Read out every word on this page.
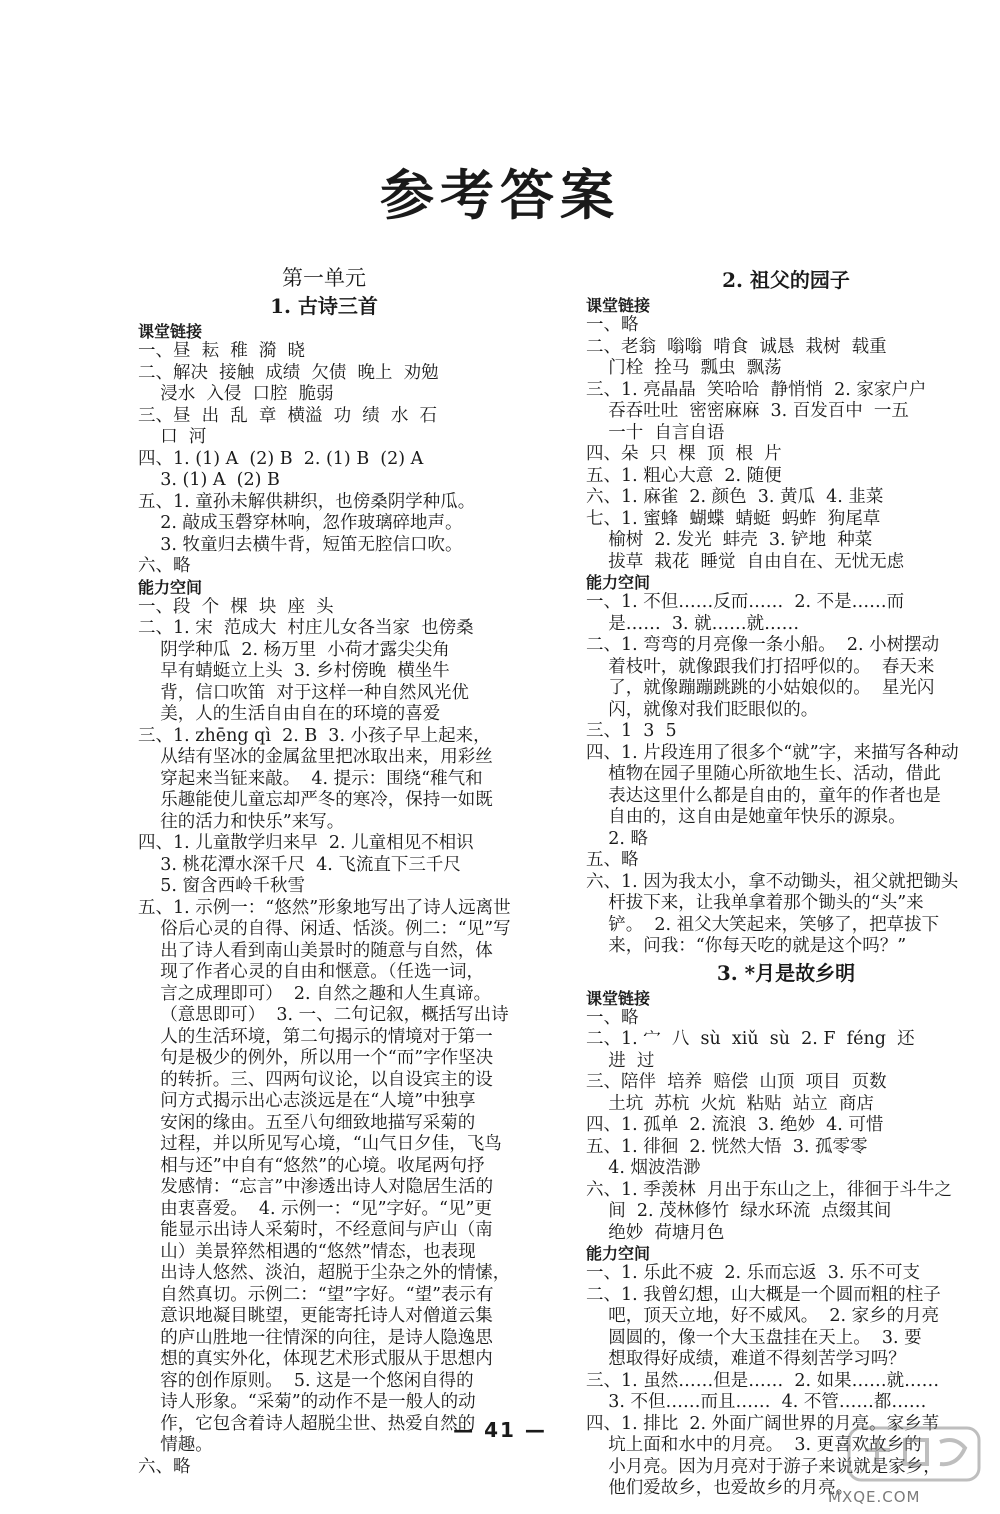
参考答案
第一单元
1. 古诗三首
课堂链接
一、昼  耘  稚  漪  晓
二、解决  接触  成绩  欠债  晚上  劝勉
浸水  入侵  口腔  脆弱
三、昼  出  乱  章  横溢  功  绩  水  石
口  河
四、1. (1) A  (2) B  2. (1) B  (2) A
3. (1) A  (2) B
五、1. 童孙未解供耕织，也傍桑阴学种瓜。
2. 敲成玉磬穿林响，忽作玻璃碎地声。
3. 牧童归去横牛背，短笛无腔信口吹。
六、略
能力空间
一、段  个  棵  块  座  头
二、1. 宋  范成大  村庄儿女各当家  也傍桑
阴学种瓜  2. 杨万里  小荷才露尖尖角
早有蜻蜓立上头  3. 乡村傍晚  横坐牛
背，信口吹笛  对于这样一种自然风光优
美，人的生活自由自在的环境的喜爱
三、1. zhēng qì  2. B  3. 小孩子早上起来，
从结有坚冰的金属盆里把冰取出来，用彩丝
穿起来当钲来敲。  4. 提示：围绕“稚气和
乐趣能使儿童忘却严冬的寒冷，保持一如既
往的活力和快乐”来写。
四、1. 儿童散学归来早  2. 儿童相见不相识
3. 桃花潭水深千尺  4. 飞流直下三千尺
5. 窗含西岭千秋雪
五、1. 示例一：“悠然”形象地写出了诗人远离世
俗后心灵的自得、闲适、恬淡。例二：“见”写
出了诗人看到南山美景时的随意与自然，体
现了作者心灵的自由和惬意。（任选一词，
言之成理即可）  2. 自然之趣和人生真谛。
（意思即可）  3. 一、二句记叙，概括写出诗
人的生活环境，第二句揭示的情境对于第一
句是极少的例外，所以用一个“而”字作坚决
的转折。三、四两句议论，以自设宾主的设
问方式揭示出心志淡远是在“人境”中独享
安闲的缘由。五至八句细致地描写采菊的
过程，并以所见写心境，“山气日夕佳，飞鸟
相与还”中自有“悠然”的心境。收尾两句抒
发感情：“忘言”中渗透出诗人对隐居生活的
由衷喜爱。  4. 示例一：“见”字好。“见”更
能显示出诗人采菊时，不经意间与庐山（南
山）美景猝然相遇的“悠然”情态，也表现
出诗人悠然、淡泊，超脱于尘杂之外的情愫，
自然真切。示例二：“望”字好。“望”表示有
意识地凝目眺望，更能寄托诗人对僧道云集
的庐山胜地一往情深的向往，是诗人隐逸思
想的真实外化，体现艺术形式服从于思想内
容的创作原则。  5. 这是一个悠闲自得的
诗人形象。“采菊”的动作不是一般人的动
作，它包含着诗人超脱尘世、热爱自然的
情趣。
六、略
2. 祖父的园子
课堂链接
一、略
二、老翁  嗡嗡  啃食  诚恳  栽树  载重
门栓  拴马  瓢虫  飘荡
三、1. 亮晶晶  笑哈哈  静悄悄  2. 家家户户
吞吞吐吐  密密麻麻  3. 百发百中  一五
一十  自言自语
四、朵  只  棵  顶  根  片
五、1. 粗心大意  2. 随便
六、1. 麻雀  2. 颜色  3. 黄瓜  4. 韭菜
七、1. 蜜蜂  蝴蝶  蜻蜓  蚂蚱  狗尾草
榆树  2. 发光  蚌壳  3. 铲地  种菜
拔草  栽花  睡觉  自由自在、无忧无虑
能力空间
一、1. 不但……反而……  2. 不是……而
是……  3. 就……就……
二、1. 弯弯的月亮像一条小船。  2. 小树摆动
着枝叶，就像跟我们打招呼似的。  春天来
了，就像蹦蹦跳跳的小姑娘似的。  星光闪
闪，就像对我们眨眼似的。
三、1  3  5
四、1. 片段连用了很多个“就”字，来描写各种动
植物在园子里随心所欲地生长、活动，借此
表达这里什么都是自由的，童年的作者也是
自由的，这自由是她童年快乐的源泉。
2. 略
五、略
六、1. 因为我太小，拿不动锄头，祖父就把锄头
杆拔下来，让我单拿着那个锄头的“头”来
铲。  2. 祖父大笑起来，笑够了，把草拔下
来，问我：“你每天吃的就是这个吗？”
3. *月是故乡明
课堂链接
一、略
二、1. 宀  八  sù  xiǔ  sù  2. F  féng  还
进  过
三、陪伴  培养  赔偿  山顶  项目  页数
土坑  苏杭  火炕  粘贴  站立  商店
四、1. 孤单  2. 流浪  3. 绝妙  4. 可惜
五、1. 徘徊  2. 恍然大悟  3. 孤零零
4. 烟波浩渺
六、1. 季羡林  月出于东山之上，徘徊于斗牛之
间  2. 茂林修竹  绿水环流  点缀其间
绝妙  荷塘月色
能力空间
一、1. 乐此不疲  2. 乐而忘返  3. 乐不可支
二、1. 我曾幻想，山大概是一个圆而粗的柱子
吧，顶天立地，好不威风。  2. 家乡的月亮
圆圆的，像一个大玉盘挂在天上。  3. 要
想取得好成绩，难道不得刻苦学习吗？
三、1. 虽然……但是……  2. 如果……就……
3. 不但……而且……  4. 不管……都……
四、1. 排比  2. 外面广阔世界的月亮。家乡苇
坑上面和水中的月亮。  3. 更喜欢故乡的
小月亮。因为月亮对于游子来说就是家乡，
他们爱故乡，也爱故乡的月亮。
— 41 —
MXQE.COM
